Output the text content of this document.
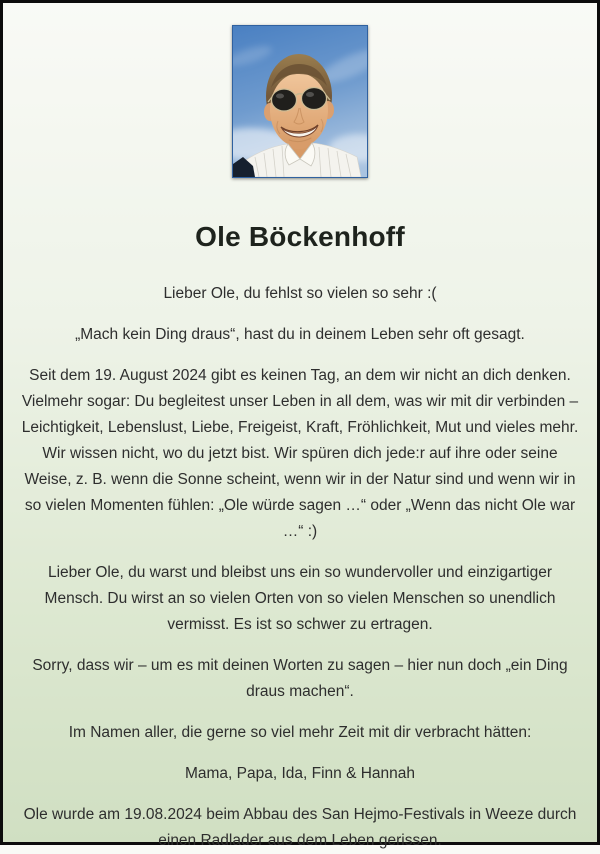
Ole Böckenhoff

Lieber Ole, du fehlst so vielen so sehr :(

„Mach kein Ding draus“, hast du in deinem Leben sehr oft gesagt.

Seit dem 19. August 2024 gibt es keinen Tag, an dem wir nicht an dich denken. Vielmehr sogar: Du begleitest unser Leben in all dem, was wir mit dir verbinden – Leichtigkeit, Lebenslust, Liebe, Freigeist, Kraft, Fröhlichkeit, Mut und vieles mehr. Wir wissen nicht, wo du jetzt bist. Wir spüren dich jede:r auf ihre oder seine Weise, z. B. wenn die Sonne scheint, wenn wir in der Natur sind und wenn wir in so vielen Momenten fühlen: „Ole würde sagen …“ oder „Wenn das nicht Ole war …“ :)

Lieber Ole, du warst und bleibst uns ein so wundervoller und einzigartiger Mensch. Du wirst an so vielen Orten von so vielen Menschen so unendlich vermisst. Es ist so schwer zu ertragen.

Sorry, dass wir – um es mit deinen Worten zu sagen – hier nun doch „ein Ding draus machen“.

Im Namen aller, die gerne so viel mehr Zeit mit dir verbracht hätten:

Mama, Papa, Ida, Finn & Hannah

Ole wurde am 19.08.2024 beim Abbau des San Hejmo-Festivals in Weeze durch einen Radlader aus dem Leben gerissen.
